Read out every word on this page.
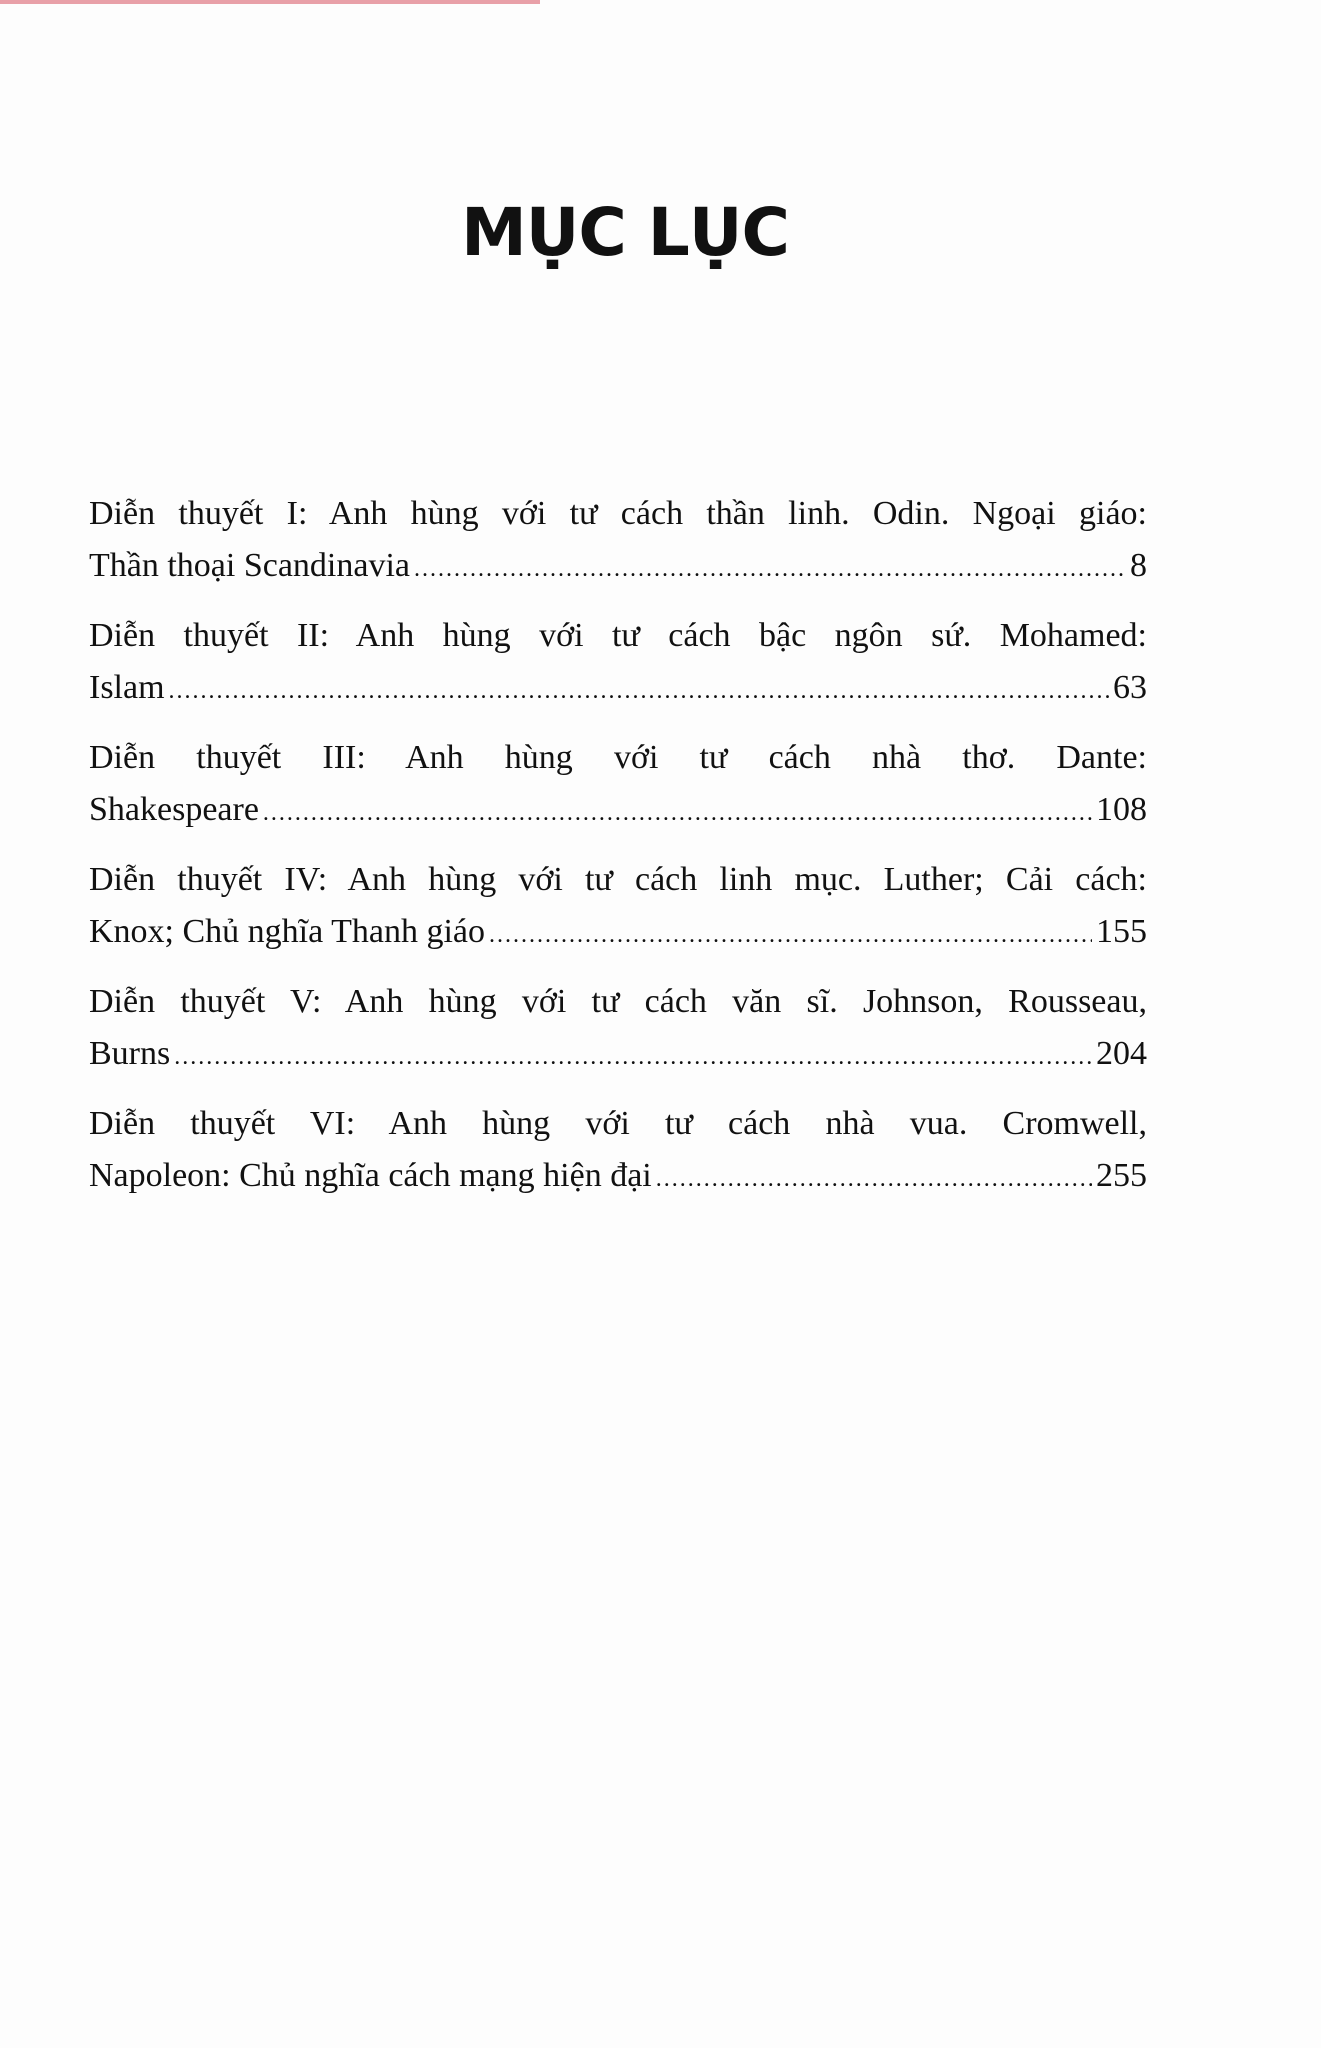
MỤC LỤC
Diễn thuyết I: Anh hùng với tư cách thần linh. Odin. Ngoại giáo:
Thần thoại Scandinavia .....	8
Diễn thuyết II: Anh hùng với tư cách bậc ngôn sứ. Mohamed:
Islam .....	63
Diễn thuyết III: Anh hùng với tư cách nhà thơ. Dante:
Shakespeare .....	108
Diễn thuyết IV: Anh hùng với tư cách linh mục. Luther; Cải cách:
Knox; Chủ nghĩa Thanh giáo .....	155
Diễn thuyết V: Anh hùng với tư cách văn sĩ. Johnson, Rousseau,
Burns .....	204
Diễn thuyết VI: Anh hùng với tư cách nhà vua. Cromwell,
Napoleon: Chủ nghĩa cách mạng hiện đại .....	255
